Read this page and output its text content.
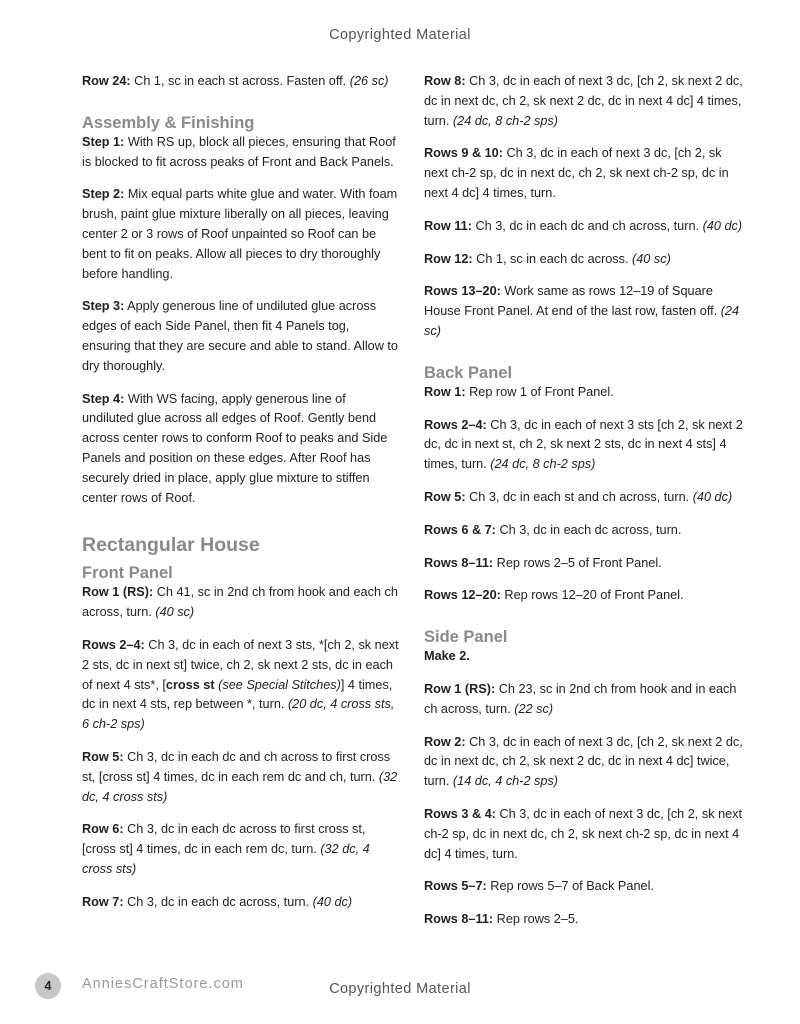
Copyrighted Material
Row 24: Ch 1, sc in each st across. Fasten off. (26 sc)
Assembly & Finishing
Step 1: With RS up, block all pieces, ensuring that Roof is blocked to fit across peaks of Front and Back Panels.
Step 2: Mix equal parts white glue and water. With foam brush, paint glue mixture liberally on all pieces, leaving center 2 or 3 rows of Roof unpainted so Roof can be bent to fit on peaks. Allow all pieces to dry thoroughly before handling.
Step 3: Apply generous line of undiluted glue across edges of each Side Panel, then fit 4 Panels tog, ensuring that they are secure and able to stand. Allow to dry thoroughly.
Step 4: With WS facing, apply generous line of undiluted glue across all edges of Roof. Gently bend across center rows to conform Roof to peaks and Side Panels and position on these edges. After Roof has securely dried in place, apply glue mixture to stiffen center rows of Roof.
Rectangular House
Front Panel
Row 1 (RS): Ch 41, sc in 2nd ch from hook and each ch across, turn. (40 sc)
Rows 2–4: Ch 3, dc in each of next 3 sts, *[ch 2, sk next 2 sts, dc in next st] twice, ch 2, sk next 2 sts, dc in each of next 4 sts*, [cross st (see Special Stitches)] 4 times, dc in next 4 sts, rep between *, turn. (20 dc, 4 cross sts, 6 ch-2 sps)
Row 5: Ch 3, dc in each dc and ch across to first cross st, [cross st] 4 times, dc in each rem dc and ch, turn. (32 dc, 4 cross sts)
Row 6: Ch 3, dc in each dc across to first cross st, [cross st] 4 times, dc in each rem dc, turn. (32 dc, 4 cross sts)
Row 7: Ch 3, dc in each dc across, turn. (40 dc)
Row 8: Ch 3, dc in each of next 3 dc, [ch 2, sk next 2 dc, dc in next dc, ch 2, sk next 2 dc, dc in next 4 dc] 4 times, turn. (24 dc, 8 ch-2 sps)
Rows 9 & 10: Ch 3, dc in each of next 3 dc, [ch 2, sk next ch-2 sp, dc in next dc, ch 2, sk next ch-2 sp, dc in next 4 dc] 4 times, turn.
Row 11: Ch 3, dc in each dc and ch across, turn. (40 dc)
Row 12: Ch 1, sc in each dc across. (40 sc)
Rows 13–20: Work same as rows 12–19 of Square House Front Panel. At end of the last row, fasten off. (24 sc)
Back Panel
Row 1: Rep row 1 of Front Panel.
Rows 2–4: Ch 3, dc in each of next 3 sts [ch 2, sk next 2 dc, dc in next st, ch 2, sk next 2 sts, dc in next 4 sts] 4 times, turn. (24 dc, 8 ch-2 sps)
Row 5: Ch 3, dc in each st and ch across, turn. (40 dc)
Rows 6 & 7: Ch 3, dc in each dc across, turn.
Rows 8–11: Rep rows 2–5 of Front Panel.
Rows 12–20: Rep rows 12–20 of Front Panel.
Side Panel
Make 2.
Row 1 (RS): Ch 23, sc in 2nd ch from hook and in each ch across, turn. (22 sc)
Row 2: Ch 3, dc in each of next 3 dc, [ch 2, sk next 2 dc, dc in next dc, ch 2, sk next 2 dc, dc in next 4 dc] twice, turn. (14 dc, 4 ch-2 sps)
Rows 3 & 4: Ch 3, dc in each of next 3 dc, [ch 2, sk next ch-2 sp, dc in next dc, ch 2, sk next ch-2 sp, dc in next 4 dc] 4 times, turn.
Rows 5–7: Rep rows 5–7 of Back Panel.
Rows 8–11: Rep rows 2–5.
4	AnniesCraftStore.com	Copyrighted Material
